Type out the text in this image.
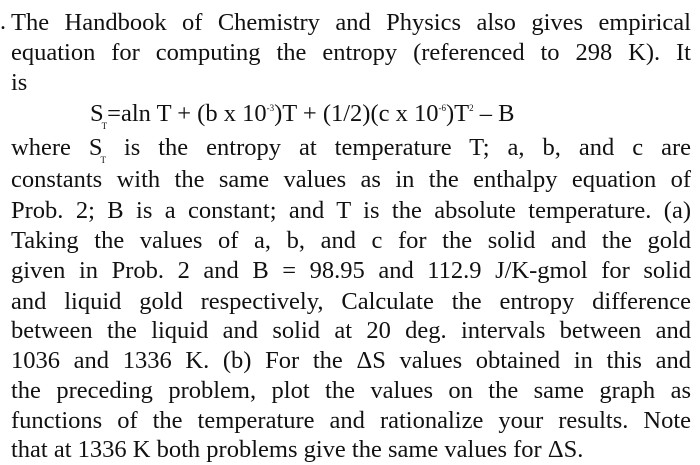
. The Handbook of Chemistry and Physics also gives empirical
equation for computing the entropy (referenced to 298 K). It
is
$S_T=aln$ T + (b x $10^{-3})T + (1/2)(c$ x $10^{-6})T^2$ – B
where $S_T$ is the entropy at temperature T; a, b, and c are
constants with the same values as in the enthalpy equation of
Prob. 2; B is a constant; and T is the absolute temperature. (a)
Taking the values of a, b, and c for the solid and the gold
given in Prob. 2 and B = 98.95 and 112.9 J/K-gmol for solid
and liquid gold respectively, Calculate the entropy difference
between the liquid and solid at 20 deg. intervals between and
1036 and 1336 K. (b) For the ΔS values obtained in this and
the preceding problem, plot the values on the same graph as
functions of the temperature and rationalize your results. Note
that at 1336 K both problems give the same values for ΔS.
